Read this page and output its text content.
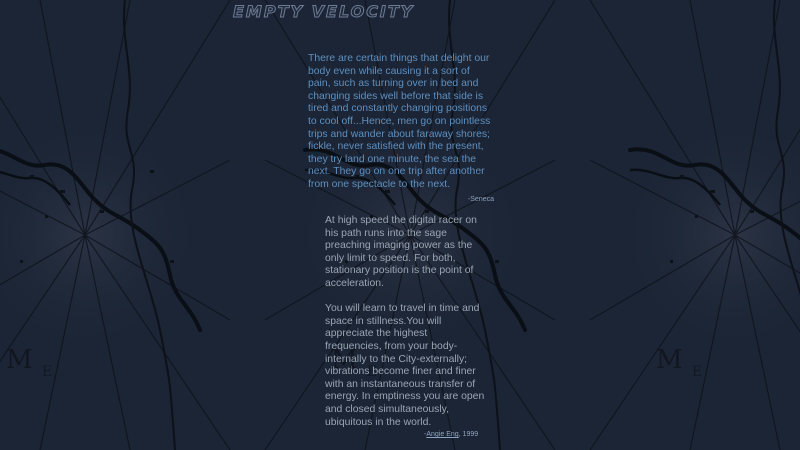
EMPTY VELOCITY

There are certain things that delight our body even while causing it a sort of pain, such as turning over in bed and changing sides well before that side is tired and constantly changing positions to cool off...Hence, men go on pointless trips and wander about faraway shores; fickle, never satisfied with the present, they try land one minute, the sea the next. They go on one trip after another from one spectacle to the next.

-Seneca

At high speed the digital racer on his path runs into the sage preaching imaging power as the only limit to speed. For both, stationary position is the point of acceleration.

You will learn to travel in time and space in stillness.You will appreciate the highest frequencies, from your body-internally to the City-externally; vibrations become finer and finer with an instantaneous transfer of energy. In emptiness you are open and closed simultaneously, ubiquitous in the world.

-Angie Eng, 1999
